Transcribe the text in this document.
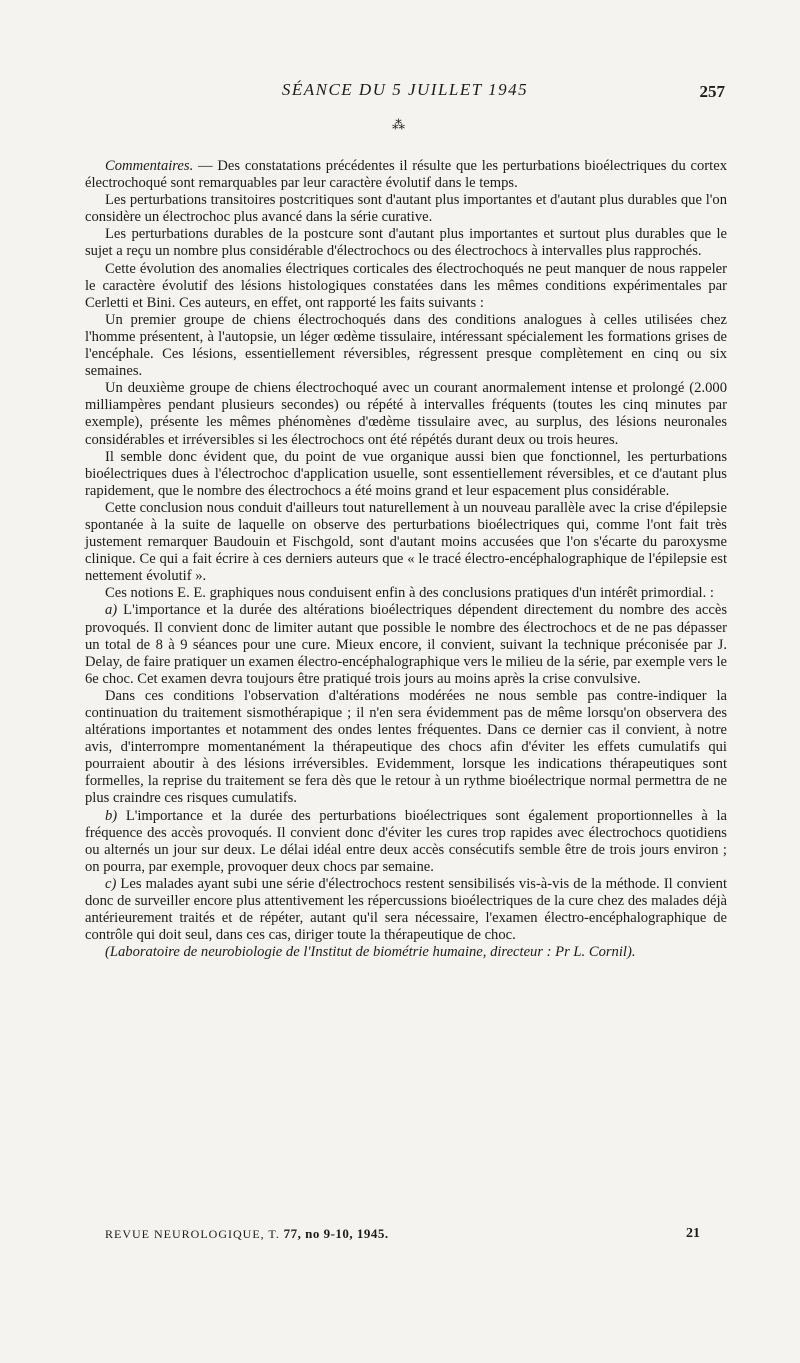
SÉANCE DU 5 JUILLET 1945	257
⁂

Commentaires. — Des constatations précédentes il résulte que les perturbations bioélectriques du cortex électrochoqué sont remarquables par leur caractère évolutif dans le temps.

Les perturbations transitoires postcritiques sont d'autant plus importantes et d'autant plus durables que l'on considère un électrochoc plus avancé dans la série curative.

Les perturbations durables de la postcure sont d'autant plus importantes et surtout plus durables que le sujet a reçu un nombre plus considérable d'électrochocs ou des électrochocs à intervalles plus rapprochés.

Cette évolution des anomalies électriques corticales des électrochoqués ne peut manquer de nous rappeler le caractère évolutif des lésions histologiques constatées dans les mêmes conditions expérimentales par Cerletti et Bini. Ces auteurs, en effet, ont rapporté les faits suivants :

Un premier groupe de chiens électrochoqués dans des conditions analogues à celles utilisées chez l'homme présentent, à l'autopsie, un léger œdème tissulaire, intéressant spécialement les formations grises de l'encéphale. Ces lésions, essentiellement réversibles, régressent presque complètement en cinq ou six semaines.

Un deuxième groupe de chiens électrochoqué avec un courant anormalement intense et prolongé (2.000 milliampères pendant plusieurs secondes) ou répété à intervalles fréquents (toutes les cinq minutes par exemple), présente les mêmes phénomènes d'œdème tissulaire avec, au surplus, des lésions neuronales considérables et irréversibles si les électrochocs ont été répétés durant deux ou trois heures.

Il semble donc évident que, du point de vue organique aussi bien que fonctionnel, les perturbations bioélectriques dues à l'électrochoc d'application usuelle, sont essentiellement réversibles, et ce d'autant plus rapidement, que le nombre des électrochocs a été moins grand et leur espacement plus considérable.

Cette conclusion nous conduit d'ailleurs tout naturellement à un nouveau parallèle avec la crise d'épilepsie spontanée à la suite de laquelle on observe des perturbations bioélectriques qui, comme l'ont fait très justement remarquer Baudouin et Fischgold, sont d'autant moins accusées que l'on s'écarte du paroxysme clinique. Ce qui a fait écrire à ces derniers auteurs que « le tracé électro-encéphalographique de l'épilepsie est nettement évolutif ».

Ces notions E. E. graphiques nous conduisent enfin à des conclusions pratiques d'un intérêt primordial. :

a) L'importance et la durée des altérations bioélectriques dépendent directement du nombre des accès provoqués. Il convient donc de limiter autant que possible le nombre des électrochocs et de ne pas dépasser un total de 8 à 9 séances pour une cure. Mieux encore, il convient, suivant la technique préconisée par J. Delay, de faire pratiquer un examen électro-encéphalographique vers le milieu de la série, par exemple vers le 6e choc. Cet examen devra toujours être pratiqué trois jours au moins après la crise convulsive.

Dans ces conditions l'observation d'altérations modérées ne nous semble pas contre-indiquer la continuation du traitement sismothérapique ; il n'en sera évidemment pas de même lorsqu'on observera des altérations importantes et notamment des ondes lentes fréquentes. Dans ce dernier cas il convient, à notre avis, d'interrompre momentanément la thérapeutique des chocs afin d'éviter les effets cumulatifs qui pourraient aboutir à des lésions irréversibles. Evidemment, lorsque les indications thérapeutiques sont formelles, la reprise du traitement se fera dès que le retour à un rythme bioélectrique normal permettra de ne plus craindre ces risques cumulatifs.

b) L'importance et la durée des perturbations bioélectriques sont également proportionnelles à la fréquence des accès provoqués. Il convient donc d'éviter les cures trop rapides avec électrochocs quotidiens ou alternés un jour sur deux. Le délai idéal entre deux accès consécutifs semble être de trois jours environ ; on pourra, par exemple, provoquer deux chocs par semaine.

c) Les malades ayant subi une série d'électrochocs restent sensibilisés vis-à-vis de la méthode. Il convient donc de surveiller encore plus attentivement les répercussions bioélectriques de la cure chez des malades déjà antérieurement traités et de répéter, autant qu'il sera nécessaire, l'examen électro-encéphalographique de contrôle qui doit seul, dans ces cas, diriger toute la thérapeutique de choc.

(Laboratoire de neurobiologie de l'Institut de biométrie humaine, directeur : Pr L. Cornil).

REVUE NEUROLOGIQUE, T. 77, no 9-10, 1945.	21
